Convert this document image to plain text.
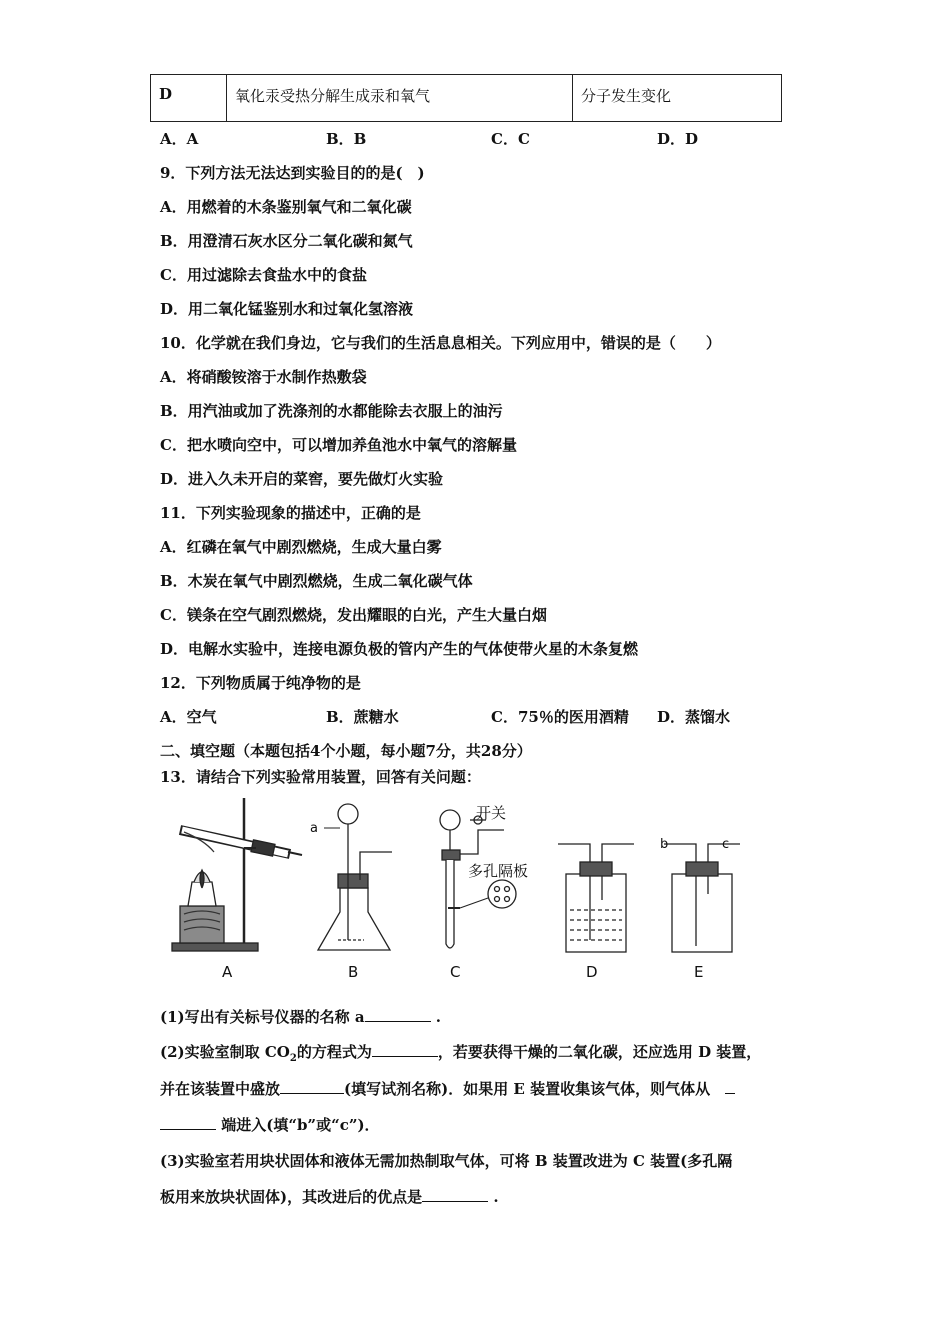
D	氧化汞受热分解生成汞和氧气	分子发生变化
A．A	B．B	C．C	D．D
9．下列方法无法达到实验目的的是(　)
A．用燃着的木条鉴别氧气和二氧化碳
B．用澄清石灰水区分二氧化碳和氮气
C．用过滤除去食盐水中的食盐
D．用二氧化锰鉴别水和过氧化氢溶液
10．化学就在我们身边，它与我们的生活息息相关。下列应用中，错误的是（　　）
A．将硝酸铵溶于水制作热敷袋
B．用汽油或加了洗涤剂的水都能除去衣服上的油污
C．把水喷向空中，可以增加养鱼池水中氧气的溶解量
D．进入久未开启的菜窖，要先做灯火实验
11．下列实验现象的描述中，正确的是
A．红磷在氧气中剧烈燃烧，生成大量白雾
B．木炭在氧气中剧烈燃烧，生成二氧化碳气体
C．镁条在空气剧烈燃烧，发出耀眼的白光，产生大量白烟
D．电解水实验中，连接电源负极的管内产生的气体使带火星的木条复燃
12．下列物质属于纯净物的是
A．空气	B．蔗糖水	C．75％的医用酒精 D．蒸馏水
二、填空题（本题包括4个小题，每小题7分，共28分）
13．请结合下列实验常用装置，回答有关问题：
A	B	C	D	E
a
b	c
开关
多孔隔板
(1)写出有关标号仪器的名称 a	.
(2)实验室制取 $CO_2$的方程式为	，若要获得干燥的二氧化碳，还应选用 D 装置，
并在该装置中盛放	(填写试剂名称)．如果用 E 装置收集该气体，则气体从　
端进入(填“b”或“c”)．
(3)实验室若用块状固体和液体无需加热制取气体，可将 B 装置改进为 C 装置(多孔隔
板用来放块状固体)，其改进后的优点是	.
